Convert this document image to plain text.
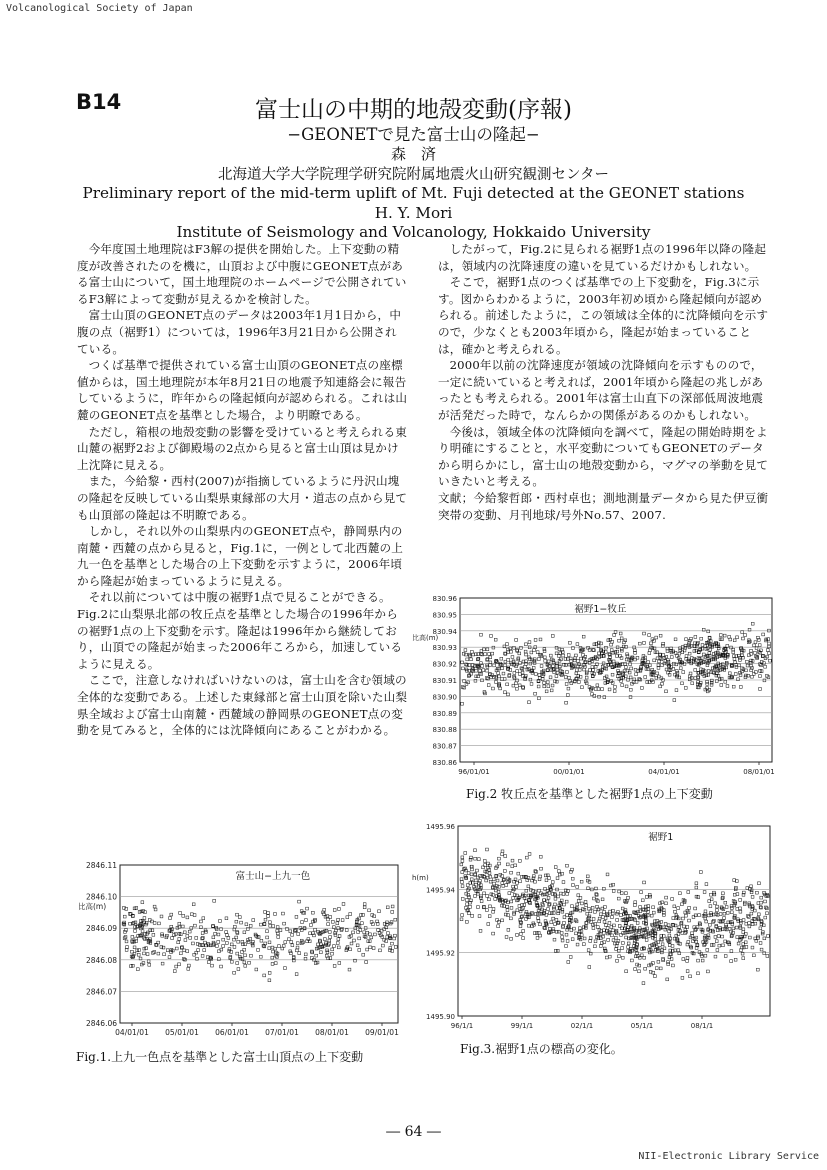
Volcanological Society of Japan
NII-Electronic Library Service
― 64 ―
B14	富士山の中期的地殻変動(序報)
−GEONETで見た富士山の隆起−
森　済
北海道大学大学院理学研究院附属地震火山研究観測センター
Preliminary report of the mid-term uplift of Mt. Fuji detected at the GEONET stations
H. Y. Mori
Institute of Seismology and Volcanology, Hokkaido University

今年度国土地理院はF3解の提供を開始した。上下変動の精度が改善されたのを機に，山頂および中腹にGEONET点がある富士山について，国土地理院のホームページで公開されているF3解によって変動が見えるかを検討した。

富士山頂のGEONET点のデータは2003年1月1日から，中腹の点（裾野1）については，1996年3月21日から公開されている。

つくば基準で提供されている富士山頂のGEONET点の座標値からは，国土地理院が本年8月21日の地震予知連絡会に報告しているように，昨年からの隆起傾向が認められる。これは山麓のGEONET点を基準とした場合，より明瞭である。

ただし，箱根の地殻変動の影響を受けていると考えられる東山麓の裾野2および御殿場の2点から見ると富士山頂は見かけ上沈降に見える。

また，今給黎・西村(2007)が指摘しているように丹沢山塊の隆起を反映している山梨県東縁部の大月・道志の点から見ても山頂部の隆起は不明瞭である。

しかし，それ以外の山梨県内のGEONET点や，静岡県内の南麓・西麓の点から見ると，Fig.1に，一例として北西麓の上九一色を基準とした場合の上下変動を示すように，2006年頃から隆起が始まっているように見える。

それ以前については中腹の裾野1点で見ることができる。Fig.2に山梨県北部の牧丘点を基準とした場合の1996年からの裾野1点の上下変動を示す。隆起は1996年から継続しており，山頂での隆起が始まった2006年ころから，加速しているように見える。

ここで，注意しなければいけないのは，富士山を含む領域の全体的な変動である。上述した東縁部と富士山頂を除いた山梨県全域および富士山南麓・西麓域の静岡県のGEONET点の変動を見てみると，全体的には沈降傾向にあることがわかる。

したがって，Fig.2に見られる裾野1点の1996年以降の隆起は，領域内の沈降速度の違いを見ているだけかもしれない。

そこで，裾野1点のつくば基準での上下変動を，Fig.3に示す。図からわかるように，2003年初め頃から隆起傾向が認められる。前述したように，この領域は全体的に沈降傾向を示すので，少なくとも2003年頃から，隆起が始まっていることは，確かと考えられる。

2000年以前の沈降速度が領域の沈降傾向を示すものので，一定に続いていると考えれば，2001年頃から隆起の兆しがあったとも考えられる。2001年は富士山直下の深部低周波地震が活発だった時で，なんらかの関係があるのかもしれない。

今後は，領域全体の沈降傾向を調べて，隆起の開始時期をより明確にすることと，水平変動についてもGEONETのデータから明らかにし，富士山の地殻変動から，マグマの挙動を見ていきたいと考える。

文献；今給黎哲郎・西村卓也；測地測量データから見た伊豆衝突帯の変動、月刊地球/号外No.57、2007.

830.96
830.95
830.94
830.93
830.92
830.91
830.90
830.89
830.88
830.87
830.86
96/01/01	00/01/01	04/01/01	08/01/01
裾野1−牧丘
比高(m)
Fig.2 牧丘点を基準とした裾野1点の上下変動
2846.11
2846.10
2846.09
2846.08
2846.07
2846.06
04/01/01 05/01/01 06/01/01 07/01/01 08/01/01 09/01/01
富士山−上九一色
比高(m)
Fig.1.上九一色点を基準とした富士山頂点の上下変動
1495.96
1495.94
1495.92
1495.90
96/1/1	99/1/1	02/1/1	05/1/1	08/1/1
裾野1
h(m)
Fig.3.裾野1点の標高の変化。
